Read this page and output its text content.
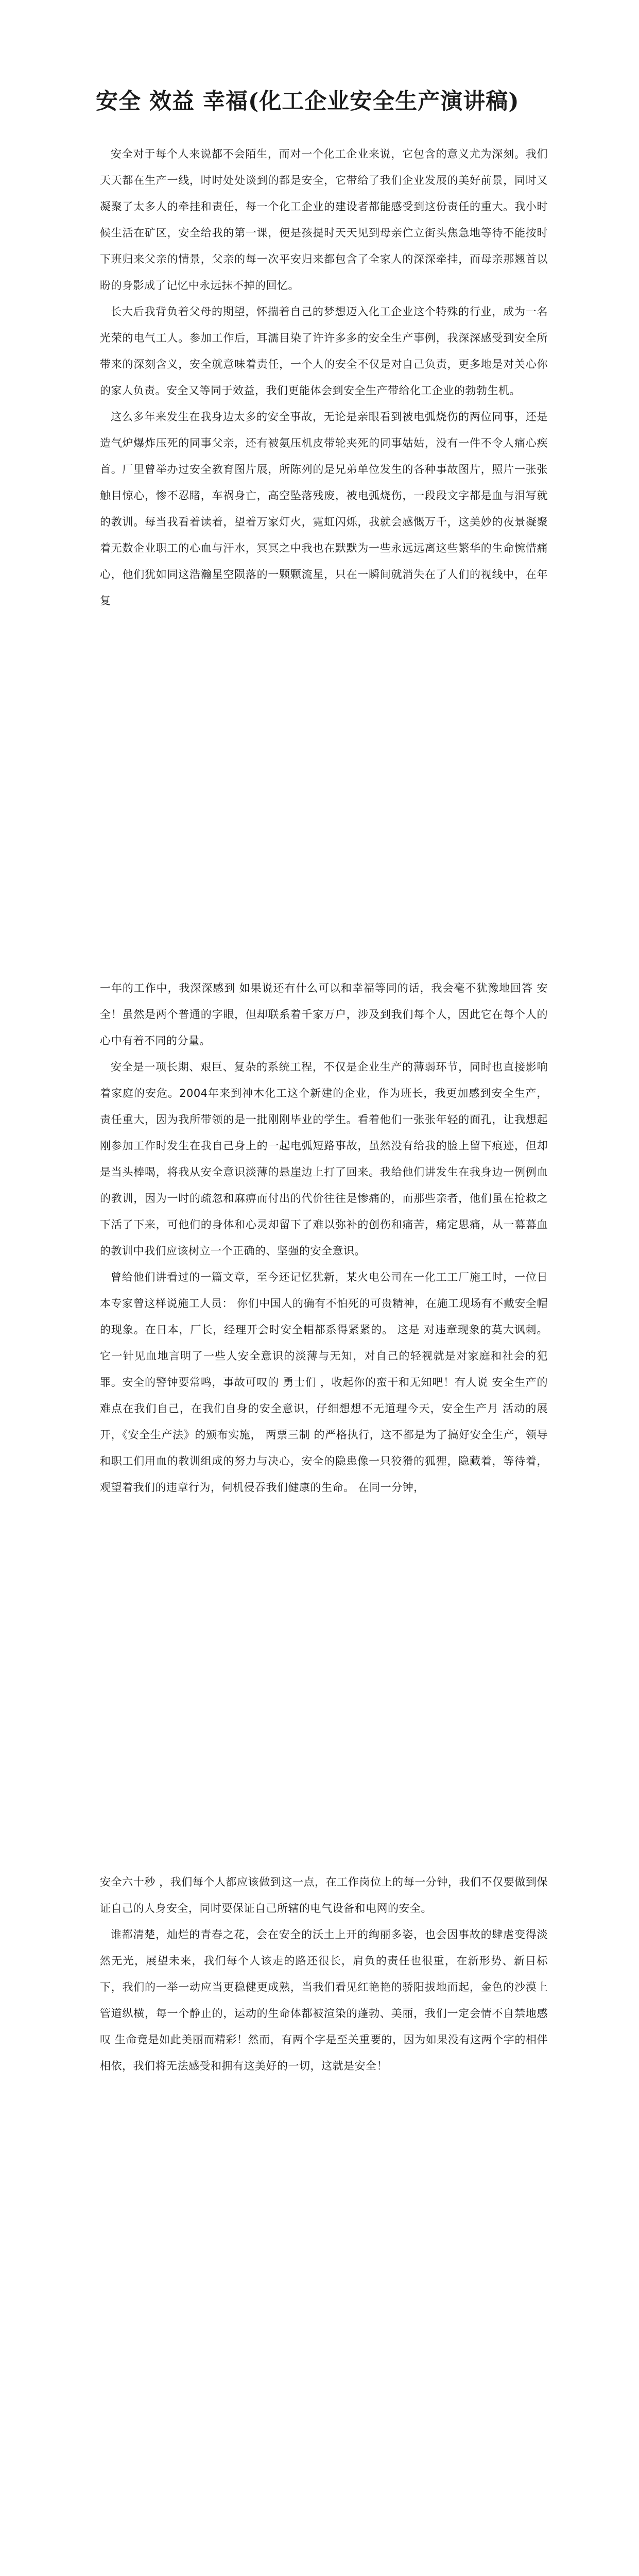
安全 效益 幸福(化工企业安全生产演讲稿)

安全对于每个人来说都不会陌生，而对一个化工企业来说，它包含的意义尤为深刻。我们天天都在生产一线，时时处处谈到的都是安全，它带给了我们企业发展的美好前景，同时又凝聚了太多人的牵挂和责任，每一个化工企业的建设者都能感受到这份责任的重大。我小时候生活在矿区，安全给我的第一课，便是孩提时天天见到母亲伫立街头焦急地等待不能按时下班归来父亲的情景，父亲的每一次平安归来都包含了全家人的深深牵挂，而母亲那翘首以盼的身影成了记忆中永远抹不掉的回忆。

长大后我背负着父母的期望，怀揣着自己的梦想迈入化工企业这个特殊的行业，成为一名光荣的电气工人。参加工作后，耳濡目染了许许多多的安全生产事例，我深深感受到安全所带来的深刻含义，安全就意味着责任，一个人的安全不仅是对自己负责，更多地是对关心你的家人负责。安全又等同于效益，我们更能体会到安全生产带给化工企业的勃勃生机。

这么多年来发生在我身边太多的安全事故，无论是亲眼看到被电弧烧伤的两位同事，还是造气炉爆炸压死的同事父亲，还有被氨压机皮带轮夹死的同事姑姑，没有一件不令人痛心疾首。厂里曾举办过安全教育图片展，所陈列的是兄弟单位发生的各种事故图片，照片一张张触目惊心，惨不忍睹，车祸身亡，高空坠落残废，被电弧烧伤，一段段文字都是血与泪写就的教训。每当我看着读着，望着万家灯火，霓虹闪烁，我就会感慨万千，这美妙的夜景凝聚着无数企业职工的心血与汗水，冥冥之中我也在默默为一些永远远离这些繁华的生命惋惜痛心，他们犹如同这浩瀚星空陨落的一颗颗流星，只在一瞬间就消失在了人们的视线中，在年复

一年的工作中，我深深感到 如果说还有什么可以和幸福等同的话，我会毫不犹豫地回答 安全！虽然是两个普通的字眼，但却联系着千家万户，涉及到我们每个人，因此它在每个人的心中有着不同的分量。

安全是一项长期、艰巨、复杂的系统工程，不仅是企业生产的薄弱环节，同时也直接影响着家庭的安危。2004年来到神木化工这个新建的企业，作为班长，我更加感到安全生产，责任重大，因为我所带领的是一批刚刚毕业的学生。看着他们一张张年轻的面孔，让我想起刚参加工作时发生在我自己身上的一起电弧短路事故，虽然没有给我的脸上留下痕迹，但却是当头棒喝，将我从安全意识淡薄的悬崖边上打了回来。我给他们讲发生在我身边一例例血的教训，因为一时的疏忽和麻痹而付出的代价往往是惨痛的，而那些亲者，他们虽在抢救之下活了下来，可他们的身体和心灵却留下了难以弥补的创伤和痛苦，痛定思痛，从一幕幕血的教训中我们应该树立一个正确的、坚强的安全意识。

曾给他们讲看过的一篇文章，至今还记忆犹新，某火电公司在一化工工厂施工时，一位日本专家曾这样说施工人员： 你们中国人的确有不怕死的可贵精神，在施工现场有不戴安全帽的现象。在日本，厂长，经理开会时安全帽都系得紧紧的。 这是 对违章现象的莫大讽刺。它一针见血地言明了一些人安全意识的淡薄与无知，对自己的轻视就是对家庭和社会的犯罪。安全的警钟要常鸣，事故可叹的 勇士们 ，收起你的蛮干和无知吧！有人说 安全生产的难点在我们自己，在我们自身的安全意识，仔细想想不无道理今天，安全生产月 活动的展开，《安全生产法》的颁布实施， 两票三制 的严格执行，这不都是为了搞好安全生产，领导和职工们用血的教训组成的努力与决心，安全的隐患像一只狡猾的狐狸，隐藏着，等待着，观望着我们的违章行为，伺机侵吞我们健康的生命。 在同一分钟，

安全六十秒 ，我们每个人都应该做到这一点，在工作岗位上的每一分钟，我们不仅要做到保证自己的人身安全，同时要保证自己所辖的电气设备和电网的安全。

谁都清楚，灿烂的青春之花，会在安全的沃土上开的绚丽多姿，也会因事故的肆虐变得淡然无光，展望未来，我们每个人该走的路还很长，肩负的责任也很重，在新形势、新目标下，我们的一举一动应当更稳健更成熟，当我们看见红艳艳的骄阳拔地而起，金色的沙漠上管道纵横，每一个静止的，运动的生命体都被渲染的蓬勃、美丽，我们一定会情不自禁地感叹 生命竟是如此美丽而精彩！然而，有两个字是至关重要的，因为如果没有这两个字的相伴相依，我们将无法感受和拥有这美好的一切，这就是安全！
